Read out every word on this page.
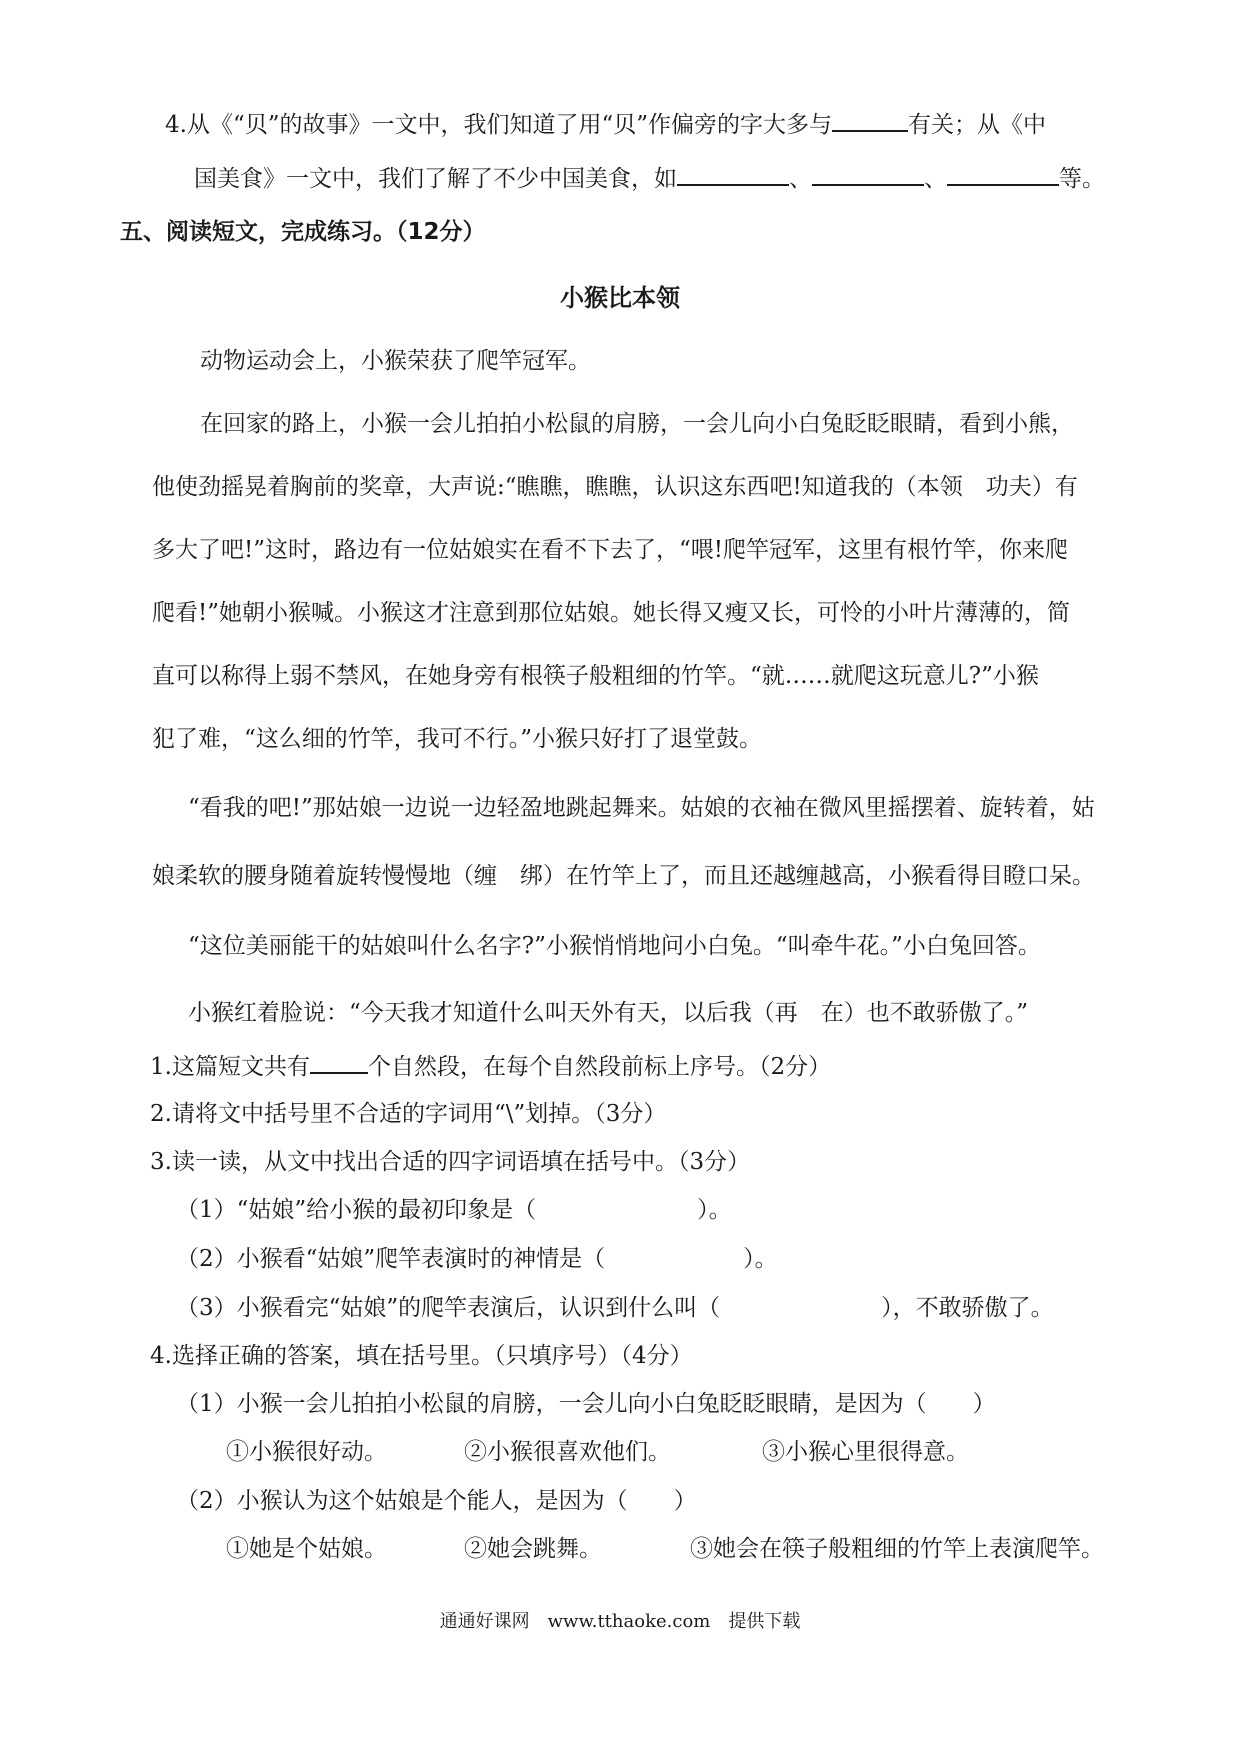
4.从《“贝”的故事》一文中，我们知道了用“贝”作偏旁的字大多与	有关；从《中
国美食》一文中，我们了解了不少中国美食，如	、	、	等。
五、阅读短文，完成练习。（12分）
小猴比本领
动物运动会上，小猴荣获了爬竿冠军。
在回家的路上，小猴一会儿拍拍小松鼠的肩膀，一会儿向小白兔眨眨眼睛，看到小熊，
他使劲摇晃着胸前的奖章，大声说:“瞧瞧，瞧瞧，认识这东西吧!知道我的（本领　功夫）有
多大了吧!”这时，路边有一位姑娘实在看不下去了，“喂!爬竿冠军，这里有根竹竿，你来爬
爬看!”她朝小猴喊。小猴这才注意到那位姑娘。她长得又瘦又长，可怜的小叶片薄薄的，简
直可以称得上弱不禁风，在她身旁有根筷子般粗细的竹竿。“就……就爬这玩意儿?”小猴
犯了难，“这么细的竹竿，我可不行。”小猴只好打了退堂鼓。
“看我的吧!”那姑娘一边说一边轻盈地跳起舞来。姑娘的衣袖在微风里摇摆着、旋转着，姑
娘柔软的腰身随着旋转慢慢地（缠　绑）在竹竿上了，而且还越缠越高，小猴看得目瞪口呆。
“这位美丽能干的姑娘叫什么名字?”小猴悄悄地问小白兔。“叫牵牛花。”小白兔回答。
小猴红着脸说：“今天我才知道什么叫天外有天，以后我（再　在）也不敢骄傲了。”
1.这篇短文共有	个自然段，在每个自然段前标上序号。（2分）
2.请将文中括号里不合适的字词用“\”划掉。（3分）
3.读一读，从文中找出合适的四字词语填在括号中。（3分）
（1）“姑娘”给小猴的最初印象是（　　　　　　　）。
（2）小猴看“姑娘”爬竿表演时的神情是（　　　　　　）。
（3）小猴看完“姑娘”的爬竿表演后，认识到什么叫（　　　　　　　），不敢骄傲了。
4.选择正确的答案，填在括号里。（只填序号）（4分）
（1）小猴一会儿拍拍小松鼠的肩膀，一会儿向小白兔眨眨眼睛，是因为（　　）
①小猴很好动。	②小猴很喜欢他们。	③小猴心里很得意。
（2）小猴认为这个姑娘是个能人，是因为（　　）
①她是个姑娘。	②她会跳舞。	③她会在筷子般粗细的竹竿上表演爬竿。
通通好课网　www.tthaoke.com　提供下载
